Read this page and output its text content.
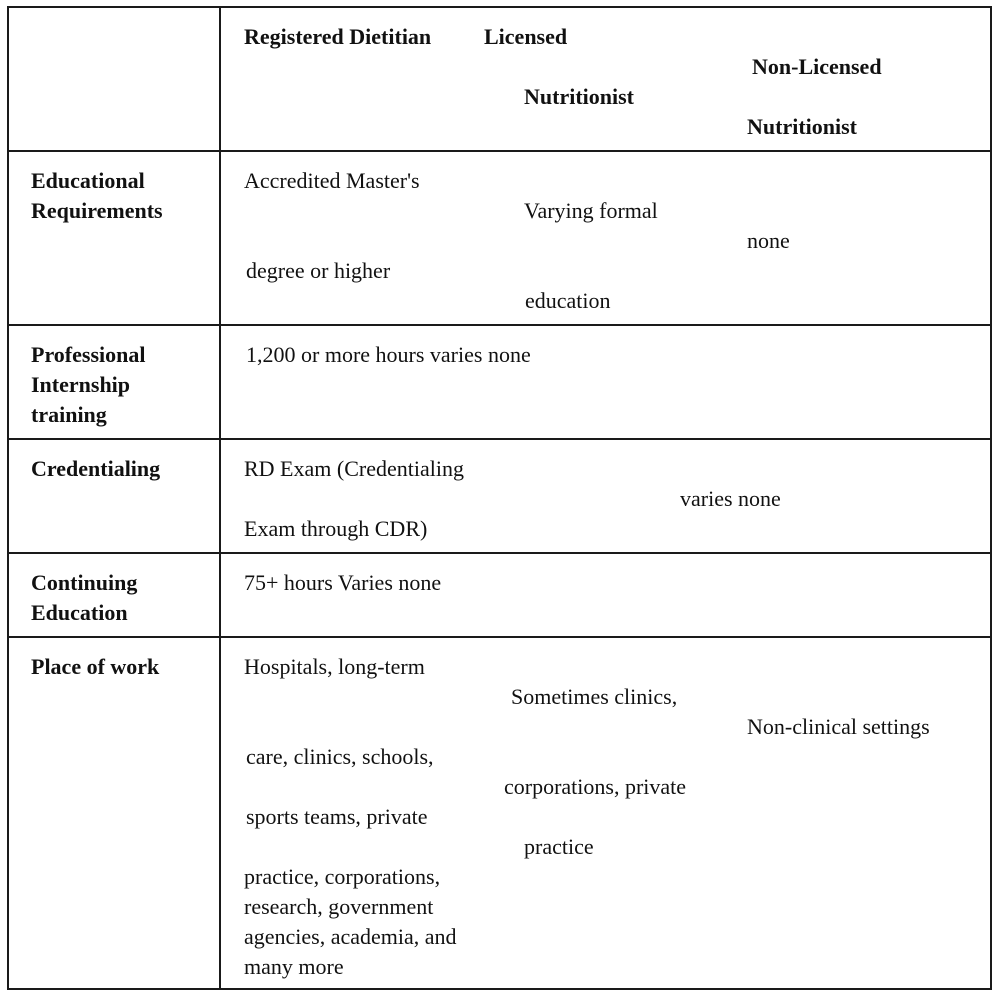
Registered Dietitian Licensed
Nutritionist
Non-Licensed
Nutritionist
Educational
Requirements
Accredited Master's
degree or higher
Varying formal
education
none
Professional
Internship
training
1,200 or more hours varies none
Credentialing	RD Exam (Credentialing
Exam through CDR)
varies none
Continuing
Education
75+ hours Varies none
Place of work	Hospitals, long-term
care, clinics, schools,
sports teams, private
practice, corporations,
research, government
agencies, academia, and
many more
Sometimes clinics,
corporations, private
practice
Non-clinical settings
